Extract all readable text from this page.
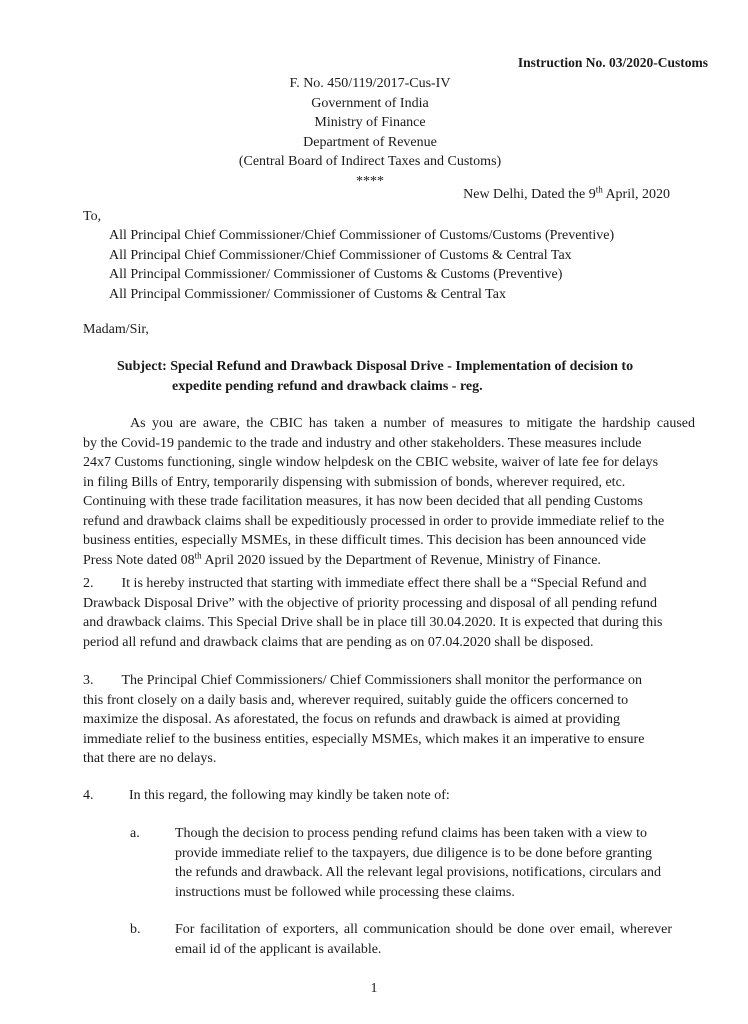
Instruction No. 03/2020-Customs
F. No. 450/119/2017-Cus-IV
Government of India
Ministry of Finance
Department of Revenue
(Central Board of Indirect Taxes and Customs)
****
New Delhi, Dated the 9th April, 2020
To,
All Principal Chief Commissioner/Chief Commissioner of Customs/Customs (Preventive)
All Principal Chief Commissioner/Chief Commissioner of Customs & Central Tax
All Principal Commissioner/ Commissioner of Customs & Customs (Preventive)
All Principal Commissioner/ Commissioner of Customs & Central Tax
Madam/Sir,
Subject: Special Refund and Drawback Disposal Drive - Implementation of decision to
expedite pending refund and drawback claims - reg.
As you are aware, the CBIC has taken a number of measures to mitigate the hardship caused
by the Covid-19 pandemic to the trade and industry and other stakeholders. These measures include
24x7 Customs functioning, single window helpdesk on the CBIC website, waiver of late fee for delays
in filing Bills of Entry, temporarily dispensing with submission of bonds, wherever required, etc.
Continuing with these trade facilitation measures, it has now been decided that all pending Customs
refund and drawback claims shall be expeditiously processed in order to provide immediate relief to the
business entities, especially MSMEs, in these difficult times. This decision has been announced vide
Press Note dated 08th April 2020 issued by the Department of Revenue, Ministry of Finance.
2.        It is hereby instructed that starting with immediate effect there shall be a “Special Refund and
Drawback Disposal Drive” with the objective of priority processing and disposal of all pending refund
and drawback claims. This Special Drive shall be in place till 30.04.2020. It is expected that during this
period all refund and drawback claims that are pending as on 07.04.2020 shall be disposed.
3.        The Principal Chief Commissioners/ Chief Commissioners shall monitor the performance on
this front closely on a daily basis and, wherever required, suitably guide the officers concerned to
maximize the disposal. As aforestated, the focus on refunds and drawback is aimed at providing
immediate relief to the business entities, especially MSMEs, which makes it an imperative to ensure
that there are no delays.
4.	In this regard, the following may kindly be taken note of:
a.	Though the decision to process pending refund claims has been taken with a view to
provide immediate relief to the taxpayers, due diligence is to be done before granting
the refunds and drawback. All the relevant legal provisions, notifications, circulars and
instructions must be followed while processing these claims.
b. For facilitation of exporters, all communication should be done over email, wherever
email id of the applicant is available.
1
